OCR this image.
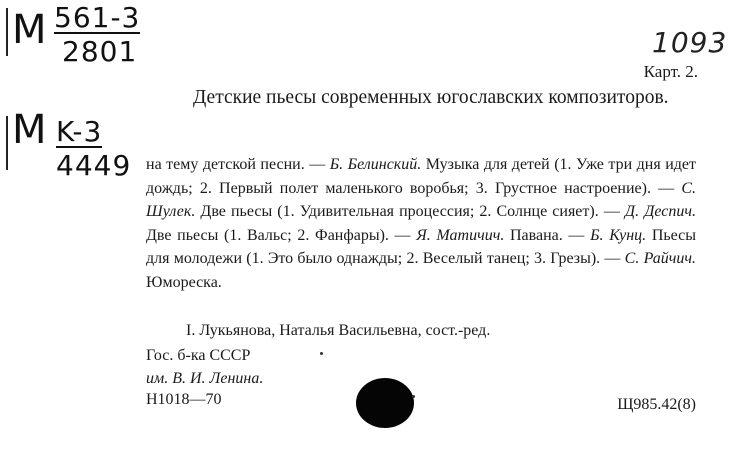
M 561-3
2801
M K-3
4449
1093
Карт. 2.
Детские пьесы современных югославских композиторов.
на тему детской песни. — Б. Белинский. Музыка для детей (1. Уже три дня идет дождь; 2. Первый полет маленького воробья; 3. Грустное настроение). — С. Шулек. Две пьесы (1. Удивительная процессия; 2. Солнце сияет). — Д. Деспич. Две пьесы (1. Вальс; 2. Фанфары). — Я. Матичич. Павана. — Б. Кунц. Пьесы для молодежи (1. Это было однажды; 2. Веселый танец; 3. Грезы). — С. Райчич. Юмореска.
I. Лукьянова, Наталья Васильевна, сост.-ред.
Гос. б-ка СССР
им. В. И. Ленина.
Н1018—70	Щ985.42(8)
